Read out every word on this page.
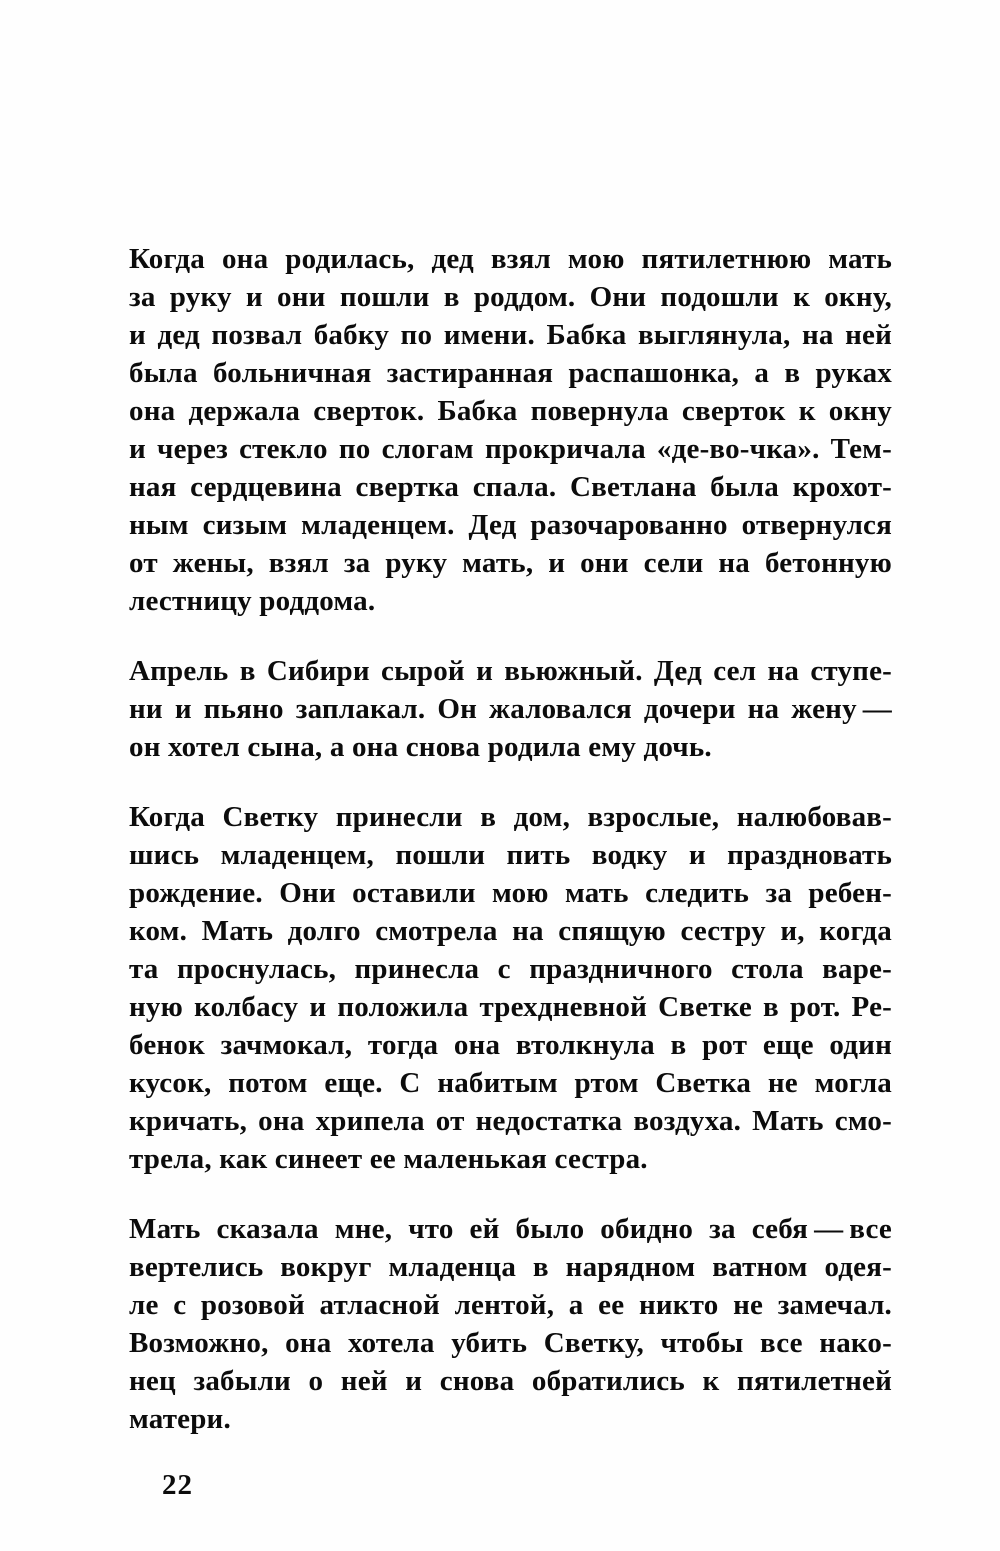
Когда она родилась, дед взял мою пятилетнюю мать
за руку и они пошли в роддом. Они подошли к окну,
и дед позвал бабку по имени. Бабка выглянула, на ней
была больничная застиранная распашонка, а в руках
она держала сверток. Бабка повернула сверток к окну
и через стекло по слогам прокричала «де-во-чка». Тем-
ная сердцевина свертка спала. Светлана была крохот-
ным сизым младенцем. Дед разочарованно отвернулся
от жены, взял за руку мать, и они сели на бетонную
лестницу роддома.

Апрель в Сибири сырой и вьюжный. Дед сел на ступе-
ни и пьяно заплакал. Он жаловался дочери на жену —
он хотел сына, а она снова родила ему дочь.

Когда Светку принесли в дом, взрослые, налюбовав-
шись младенцем, пошли пить водку и праздновать
рождение. Они оставили мою мать следить за ребен-
ком. Мать долго смотрела на спящую сестру и, когда
та проснулась, принесла с праздничного стола варе-
ную колбасу и положила трехдневной Светке в рот. Ре-
бенок зачмокал, тогда она втолкнула в рот еще один
кусок, потом еще. С набитым ртом Светка не могла
кричать, она хрипела от недостатка воздуха. Мать смо-
трела, как синеет ее маленькая сестра.

Мать сказала мне, что ей было обидно за себя — все
вертелись вокруг младенца в нарядном ватном одея-
ле с розовой атласной лентой, а ее никто не замечал.
Возможно, она хотела убить Светку, чтобы все нако-
нец забыли о ней и снова обратились к пятилетней
матери.

22
